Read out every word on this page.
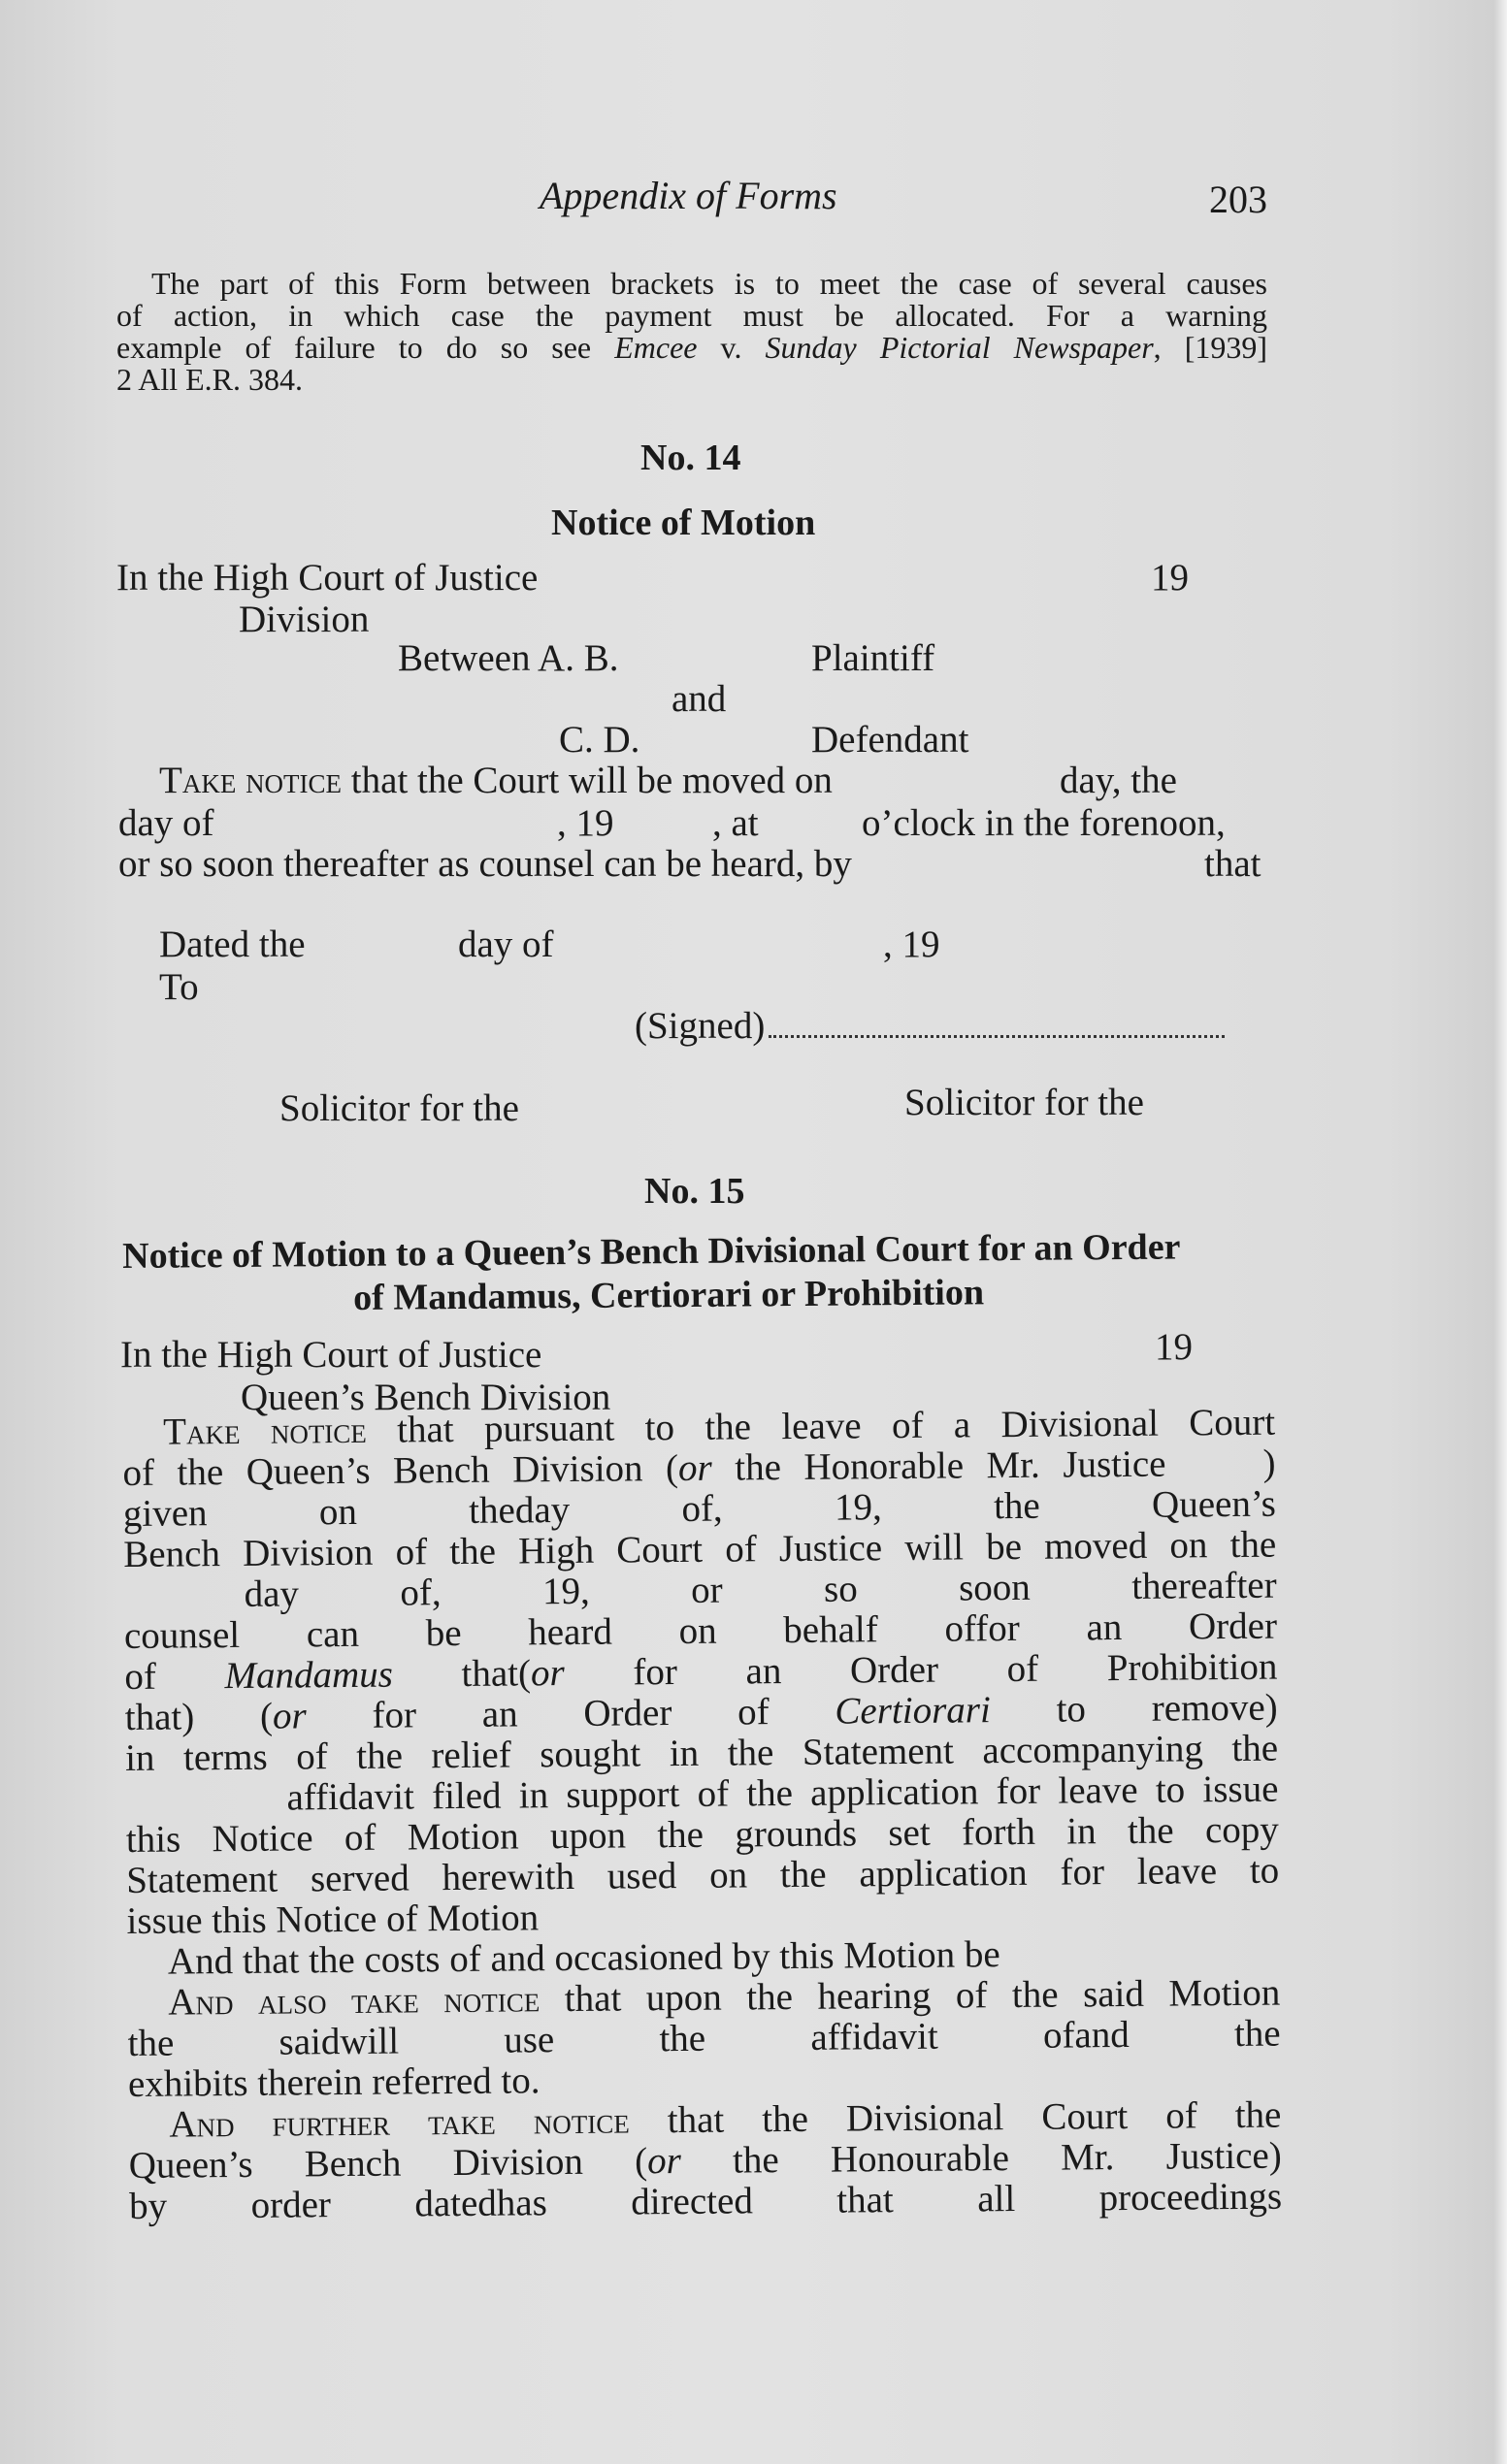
Appendix of Forms	203
The part of this Form between brackets is to meet the case of several causes
of action, in which case the payment must be allocated. For a warning
example of failure to do so see Emcee v. Sunday Pictorial Newspaper, [1939]
2 All E.R. 384.
No. 14
Notice of Motion
In the High Court of Justice	19
Division
Between A. B.	Plaintiff
and
C. D.	Defendant
Take notice that the Court will be moved on	day, the
day of	, 19	, at	o’clock in the forenoon,
or so soon thereafter as counsel can be heard, by	that
Dated the	day of	, 19
To
(Signed)
Solicitor for the	Solicitor for the
No. 15
Notice of Motion to a Queen’s Bench Divisional Court for an Order
of Mandamus, Certiorari or Prohibition
In the High Court of Justice	19
Queen’s Bench Division
Take notice that pursuant to the leave of a Divisional Court
of the Queen’s Bench Division (or the Honorable Mr. Justice	)
given on theday of, 19, the Queen’s
Bench Division of the High Court of Justice will be moved on the
day of, 19, or so soon thereafter
counsel can be heard on behalf offor an Order
of Mandamus that(or for an Order of Prohibition
that) (or for an Order of Certiorari to remove)
in terms of the relief sought in the Statement accompanying the
affidavit filed in support of the application for leave to issue
this Notice of Motion upon the grounds set forth in the copy
Statement served herewith used on the application for leave to
issue this Notice of Motion
And that the costs of and occasioned by this Motion be
And also take notice that upon the hearing of the said Motion
the saidwill use the affidavit ofand the
exhibits therein referred to.
And further take notice that the Divisional Court of the
Queen’s Bench Division (or the Honourable Mr. Justice)
by order datedhas directed that all proceedings
